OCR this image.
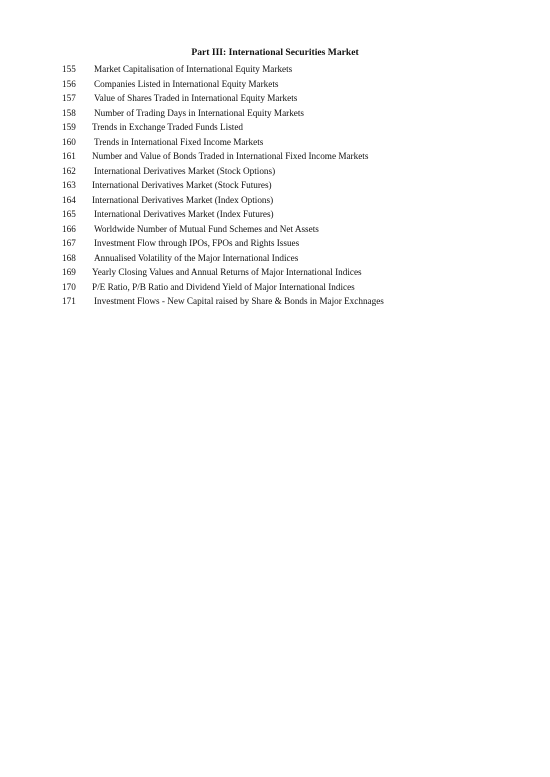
Part III: International Securities Market
155	Market Capitalisation of International Equity Markets
156	Companies Listed in International Equity Markets
157	Value of Shares Traded in International Equity Markets
158	Number of Trading Days in International Equity Markets
159	Trends in Exchange Traded Funds Listed
160	Trends in International Fixed Income Markets
161	Number and Value of Bonds Traded in International Fixed Income Markets
162	International Derivatives Market (Stock Options)
163	International Derivatives Market (Stock Futures)
164	International Derivatives Market (Index Options)
165	International Derivatives Market (Index Futures)
166	Worldwide Number of Mutual Fund Schemes and Net Assets
167	Investment Flow through IPOs, FPOs and Rights Issues
168	Annualised Volatility of the Major International Indices
169	Yearly Closing Values and Annual Returns of Major International Indices
170	P/E Ratio, P/B Ratio and Dividend Yield of Major International Indices
171	Investment Flows - New Capital raised by Share & Bonds in Major Exchnages
